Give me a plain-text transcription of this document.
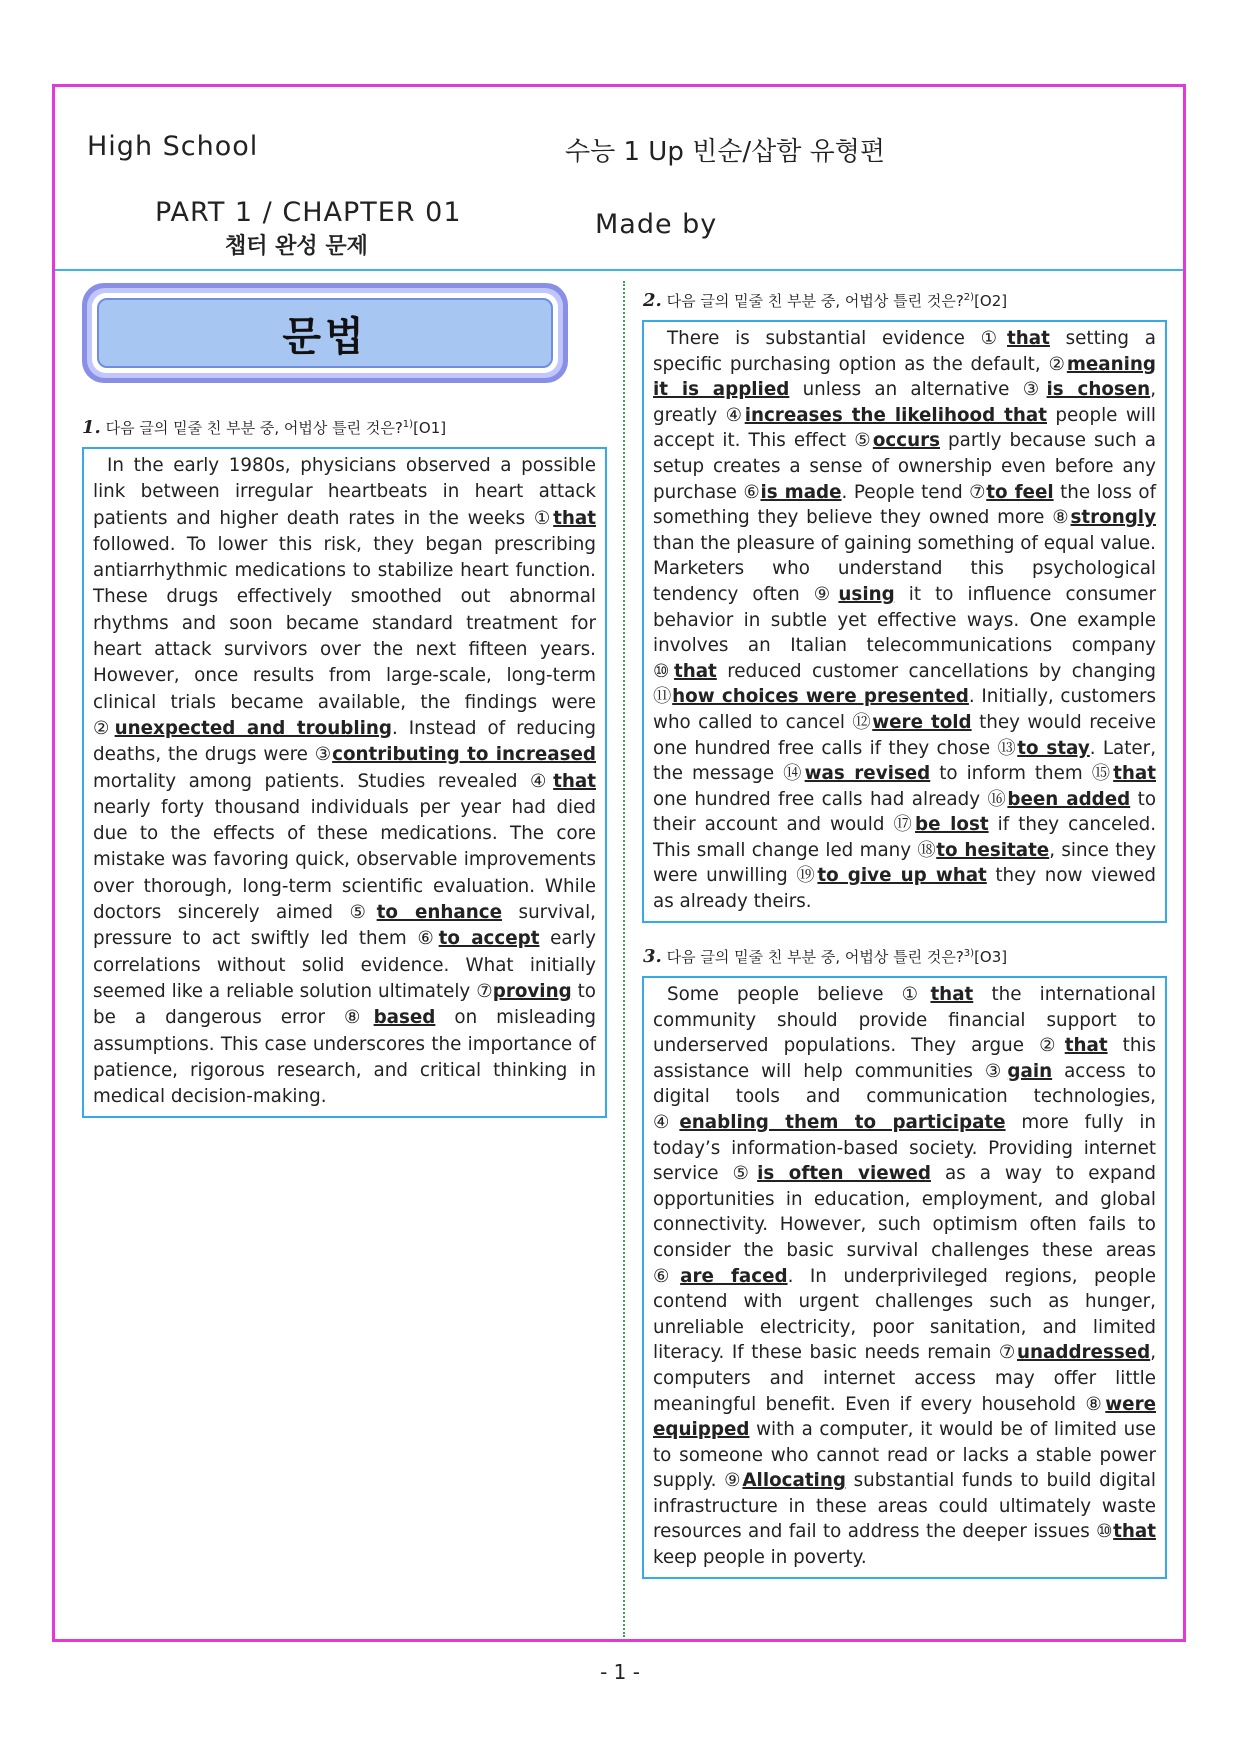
High School	수능 1 Up 빈순/삽함 유형편
PART 1 / CHAPTER 01
챕터 완성 문제
Made by
문법
1. 다음 글의 밑줄 친 부분 중, 어법상 틀린 것은?$^{1)}$[O1]
In the early 1980s, physicians observed a possible link between irregular heartbeats in heart attack patients and higher death rates in the weeks ①that followed. To lower this risk, they began prescribing antiarrhythmic medications to stabilize heart function. These drugs effectively smoothed out abnormal rhythms and soon became standard treatment for heart attack survivors over the next fifteen years. However, once results from large-scale, long-term clinical trials became available, the findings were ②unexpected and troubling. Instead of reducing deaths, the drugs were ③contributing to increased mortality among patients. Studies revealed ④that nearly forty thousand individuals per year had died due to the effects of these medications. The core mistake was favoring quick, observable improvements over thorough, long-term scientific evaluation. While doctors sincerely aimed ⑤to enhance survival, pressure to act swiftly led them ⑥to accept early correlations without solid evidence. What initially seemed like a reliable solution ultimately ⑦proving to be a dangerous error ⑧based on misleading assumptions. This case underscores the importance of patience, rigorous research, and critical thinking in medical decision-making.
2. 다음 글의 밑줄 친 부분 중, 어법상 틀린 것은?$^{2)}$[O2]
There is substantial evidence ①that setting a specific purchasing option as the default, ②meaning it is applied unless an alternative ③is chosen, greatly ④increases the likelihood that people will accept it. This effect ⑤occurs partly because such a setup creates a sense of ownership even before any purchase ⑥is made. People tend ⑦to feel the loss of something they believe they owned more ⑧strongly than the pleasure of gaining something of equal value. Marketers who understand this psychological tendency often ⑨using it to influence consumer behavior in subtle yet effective ways. One example involves an Italian telecommunications company ⑩that reduced customer cancellations by changing ⑪how choices were presented. Initially, customers who called to cancel ⑫were told they would receive one hundred free calls if they chose ⑬to stay. Later, the message ⑭was revised to inform them ⑮that one hundred free calls had already ⑯been added to their account and would ⑰be lost if they canceled. This small change led many ⑱to hesitate, since they were unwilling ⑲to give up what they now viewed as already theirs.
3. 다음 글의 밑줄 친 부분 중, 어법상 틀린 것은?$^{3)}$[O3]
Some people believe ①that the international community should provide financial support to underserved populations. They argue ②that this assistance will help communities ③gain access to digital tools and communication technologies, ④enabling them to participate more fully in today’s information-based society. Providing internet service ⑤is often viewed as a way to expand opportunities in education, employment, and global connectivity. However, such optimism often fails to consider the basic survival challenges these areas ⑥are faced. In underprivileged regions, people contend with urgent challenges such as hunger, unreliable electricity, poor sanitation, and limited literacy. If these basic needs remain ⑦unaddressed, computers and internet access may offer little meaningful benefit. Even if every household ⑧were equipped with a computer, it would be of limited use to someone who cannot read or lacks a stable power supply. ⑨Allocating substantial funds to build digital infrastructure in these areas could ultimately waste resources and fail to address the deeper issues ⑩that keep people in poverty.
- 1 -
